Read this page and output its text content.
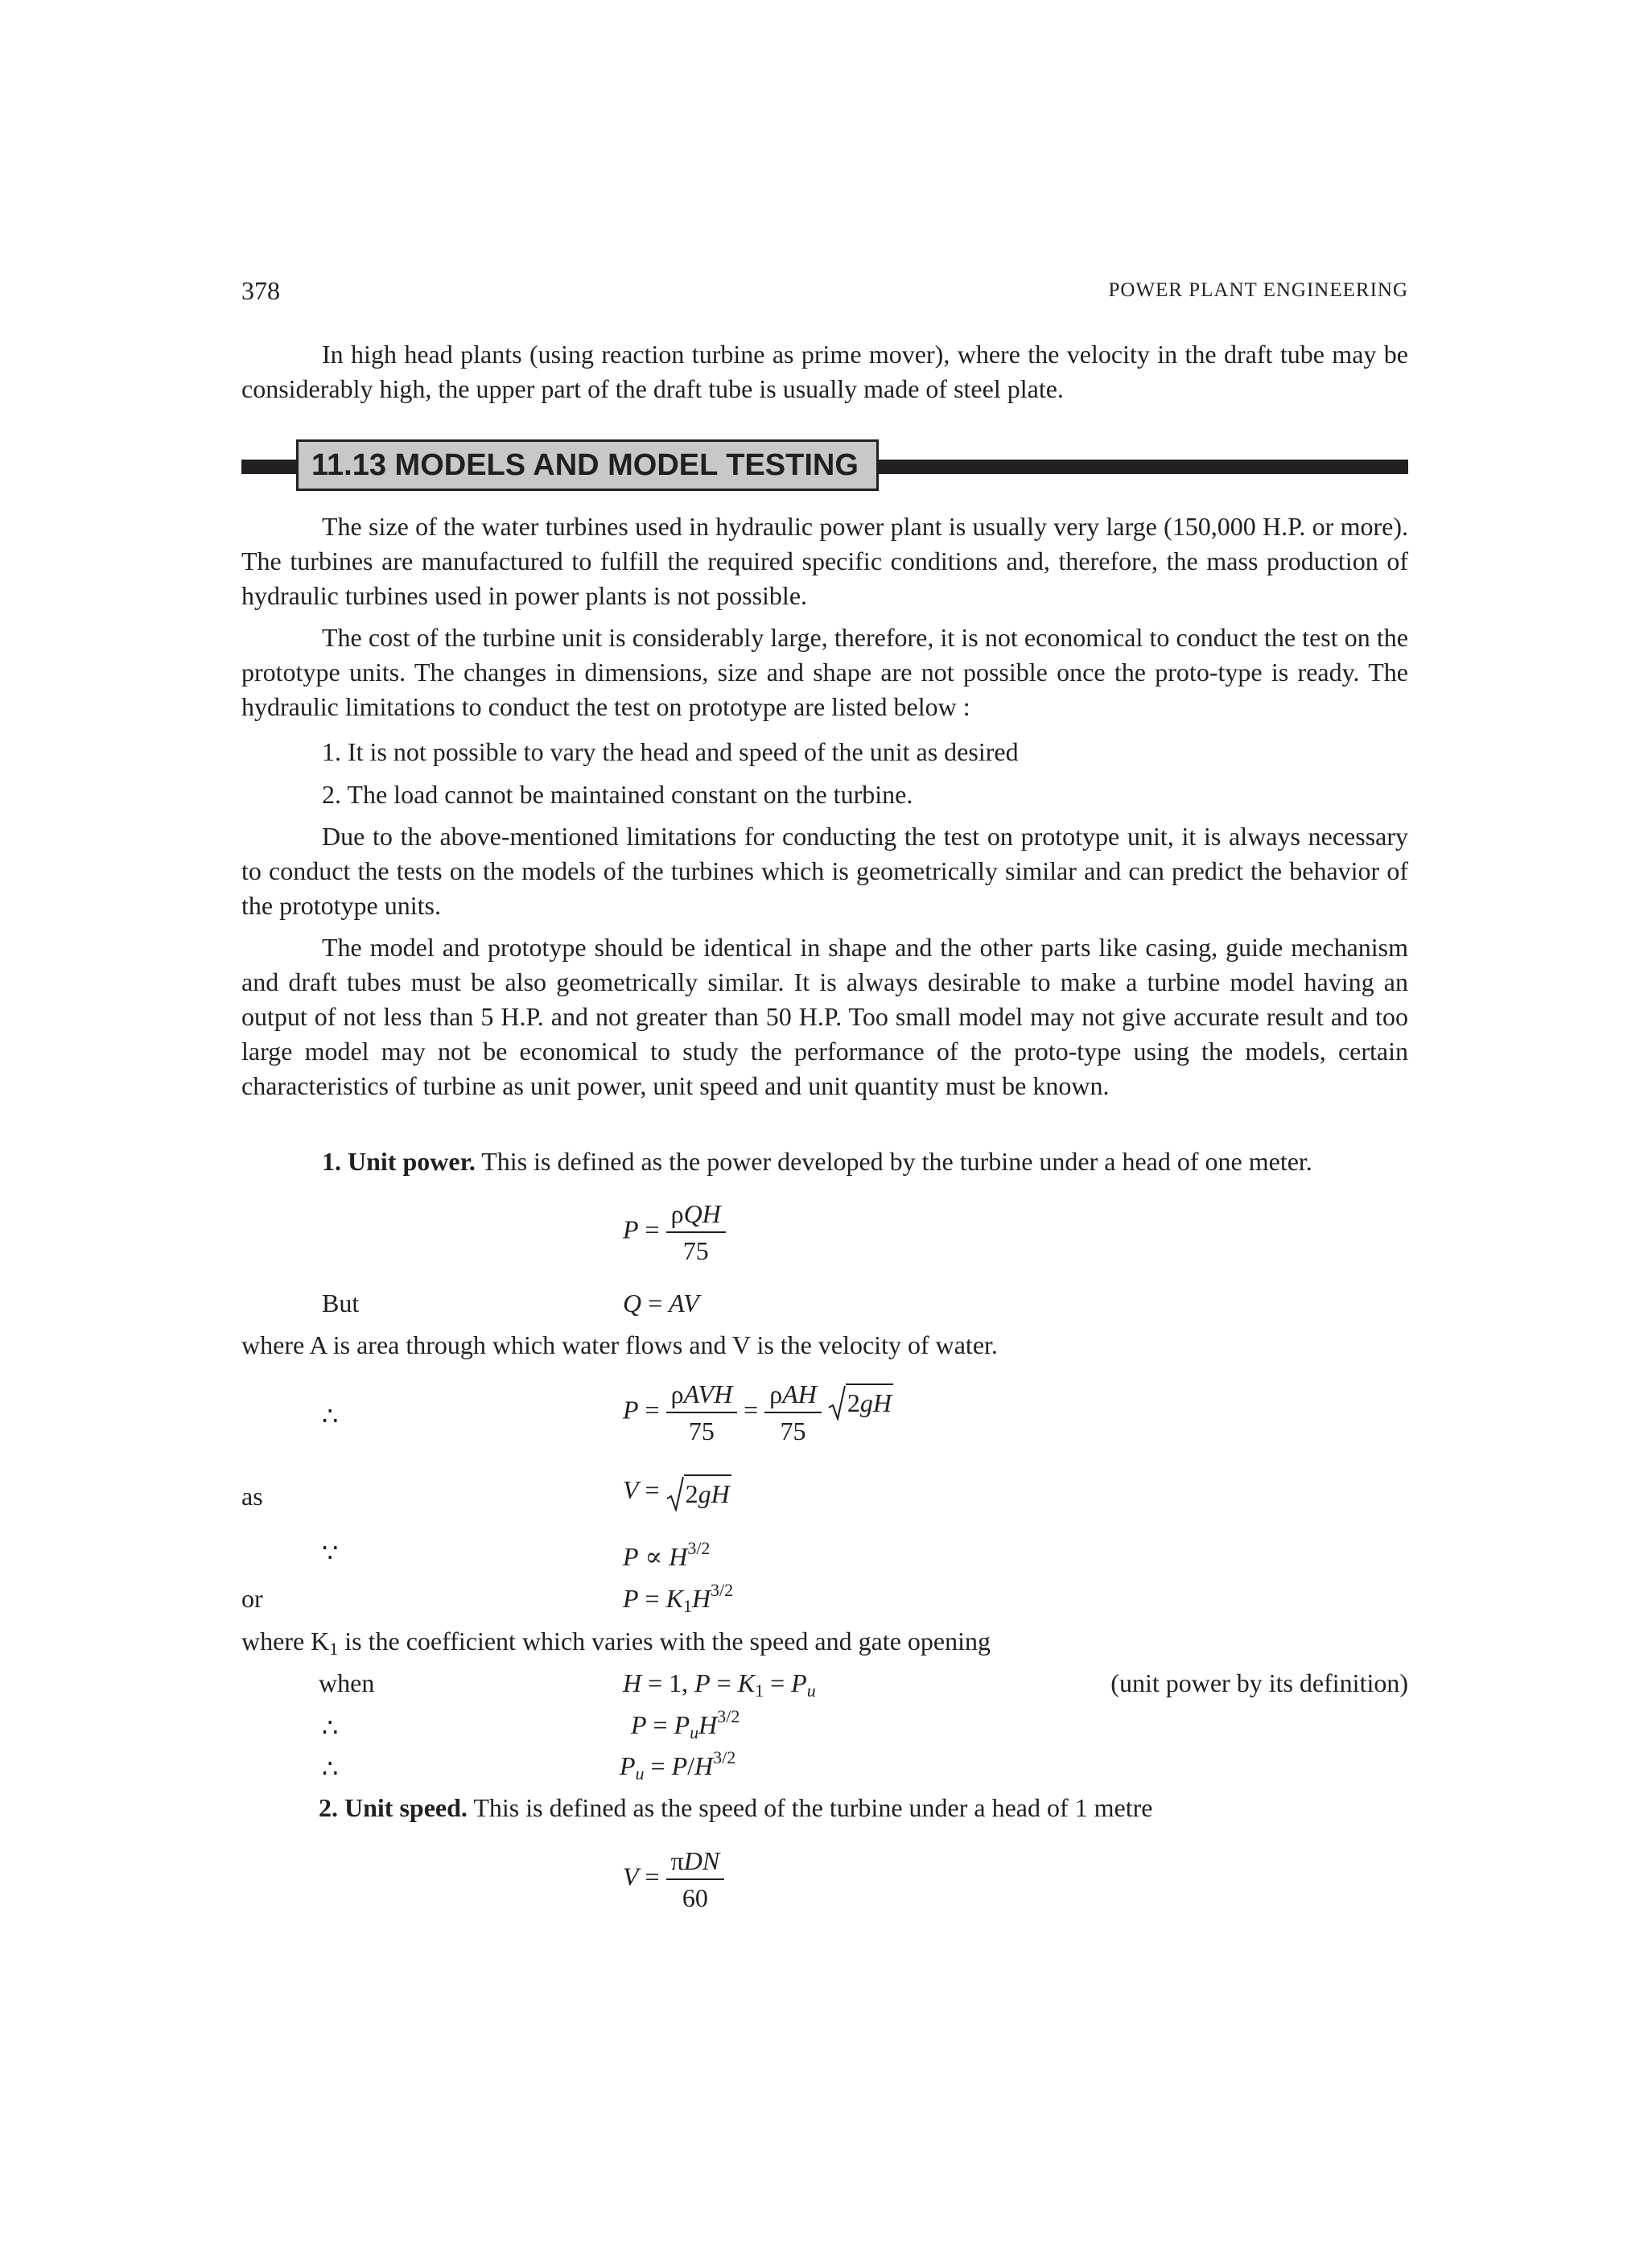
378	POWER PLANT ENGINEERING

In high head plants (using reaction turbine as prime mover), where the velocity in the draft tube may be considerably high, the upper part of the draft tube is usually made of steel plate.

11.13 MODELS AND MODEL TESTING

The size of the water turbines used in hydraulic power plant is usually very large (150,000 H.P. or more). The turbines are manufactured to fulfill the required specific conditions and, therefore, the mass production of hydraulic turbines used in power plants is not possible.

The cost of the turbine unit is considerably large, therefore, it is not economical to conduct the test on the prototype units. The changes in dimensions, size and shape are not possible once the proto-type is ready. The hydraulic limitations to conduct the test on prototype are listed below :

1. It is not possible to vary the head and speed of the unit as desired

2. The load cannot be maintained constant on the turbine.

Due to the above-mentioned limitations for conducting the test on prototype unit, it is always necessary to conduct the tests on the models of the turbines which is geometrically similar and can predict the behavior of the prototype units.

The model and prototype should be identical in shape and the other parts like casing, guide mechanism and draft tubes must be also geometrically similar. It is always desirable to make a turbine model having an output of not less than 5 H.P. and not greater than 50 H.P. Too small model may not give accurate result and too large model may not be economical to study the performance of the proto-type using the models, certain characteristics of turbine as unit power, unit speed and unit quantity must be known.

1. Unit power. This is defined as the power developed by the turbine under a head of one meter.

$P = \frac{\text{ρQH}}{75}$
But	Q = AV

where A is area through which water flows and V is the velocity of water.

∴	$P = \frac{\text{ρAVH}}{75} = \frac{\text{ρAH}}{75}$
2gH
as	V =
2gH
∵	$P \propto H^{3/2}$
or	$P = K_1H^{3/2}$

where $K_1$ is the coefficient which varies with the speed and gate opening

when	H = 1, $P = K_1 = P_u$	(unit power by its definition)
∴	$P = P_uH^{3/2}$
∴	$P_u = P/H^{3/2}$

2. Unit speed. This is defined as the speed of the turbine under a head of 1 metre

$V = \frac{\text{πDN}}{60}$
